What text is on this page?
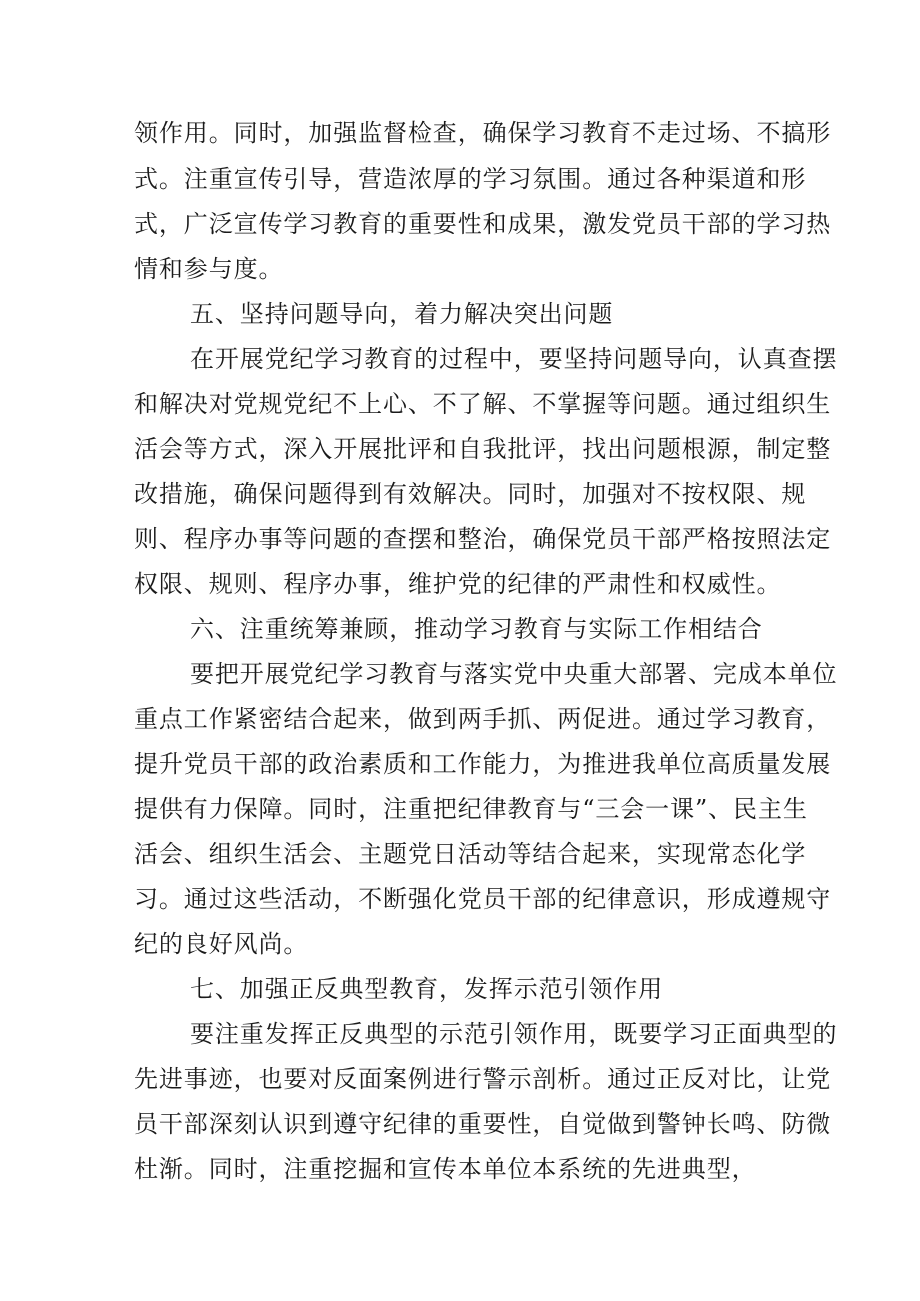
领作用。同时，加强监督检查，确保学习教育不走过场、不搞形
式。注重宣传引导，营造浓厚的学习氛围。通过各种渠道和形
式，广泛宣传学习教育的重要性和成果，激发党员干部的学习热
情和参与度。
五、坚持问题导向，着力解决突出问题
在开展党纪学习教育的过程中，要坚持问题导向，认真查摆
和解决对党规党纪不上心、不了解、不掌握等问题。通过组织生
活会等方式，深入开展批评和自我批评，找出问题根源，制定整
改措施，确保问题得到有效解决。同时，加强对不按权限、规
则、程序办事等问题的查摆和整治，确保党员干部严格按照法定
权限、规则、程序办事，维护党的纪律的严肃性和权威性。
六、注重统筹兼顾，推动学习教育与实际工作相结合
要把开展党纪学习教育与落实党中央重大部署、完成本单位
重点工作紧密结合起来，做到两手抓、两促进。通过学习教育，
提升党员干部的政治素质和工作能力，为推进我单位高质量发展
提供有力保障。同时，注重把纪律教育与“三会一课”、民主生
活会、组织生活会、主题党日活动等结合起来，实现常态化学
习。通过这些活动，不断强化党员干部的纪律意识，形成遵规守
纪的良好风尚。
七、加强正反典型教育，发挥示范引领作用
要注重发挥正反典型的示范引领作用，既要学习正面典型的
先进事迹，也要对反面案例进行警示剖析。通过正反对比，让党
员干部深刻认识到遵守纪律的重要性，自觉做到警钟长鸣、防微
杜渐。同时，注重挖掘和宣传本单位本系统的先进典型，
